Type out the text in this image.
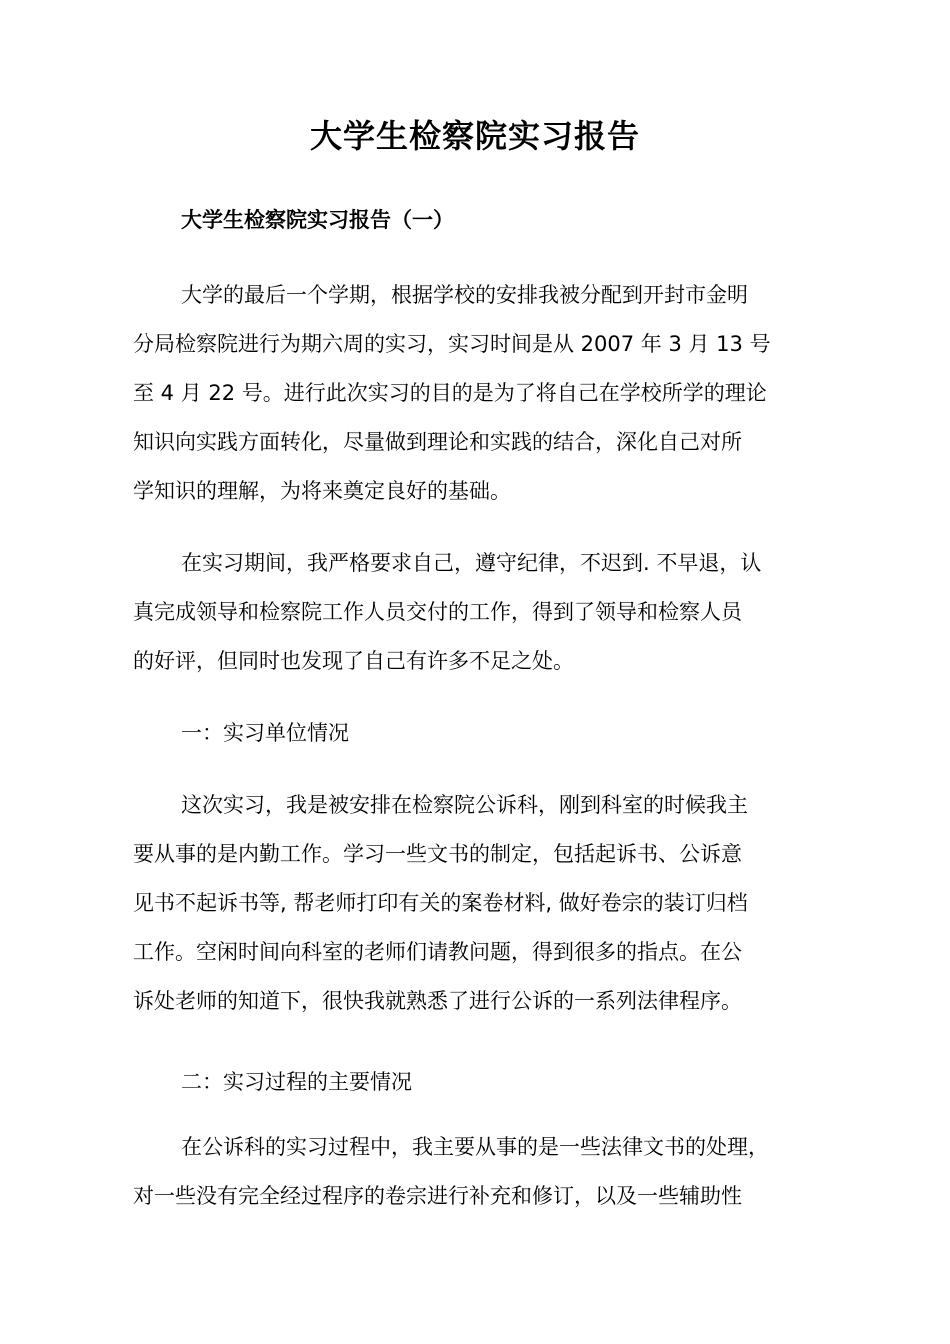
大学生检察院实习报告
大学生检察院实习报告（一）
大学的最后一个学期，根据学校的安排我被分配到开封市金明
分局检察院进行为期六周的实习，实习时间是从 2007 年 3 月 13 号
至 4 月 22 号。进行此次实习的目的是为了将自己在学校所学的理论
知识向实践方面转化，尽量做到理论和实践的结合，深化自己对所
学知识的理解，为将来奠定良好的基础。
在实习期间，我严格要求自己，遵守纪律，不迟到. 不早退，认
真完成领导和检察院工作人员交付的工作，得到了领导和检察人员
的好评，但同时也发现了自己有许多不足之处。
一：实习单位情况
这次实习，我是被安排在检察院公诉科，刚到科室的时候我主
要从事的是内勤工作。学习一些文书的制定，包括起诉书、公诉意
见书不起诉书等, 帮老师打印有关的案卷材料, 做好卷宗的装订归档
工作。空闲时间向科室的老师们请教问题，得到很多的指点。在公
诉处老师的知道下，很快我就熟悉了进行公诉的一系列法律程序。
二：实习过程的主要情况
在公诉科的实习过程中，我主要从事的是一些法律文书的处理，
对一些没有完全经过程序的卷宗进行补充和修订，以及一些辅助性
